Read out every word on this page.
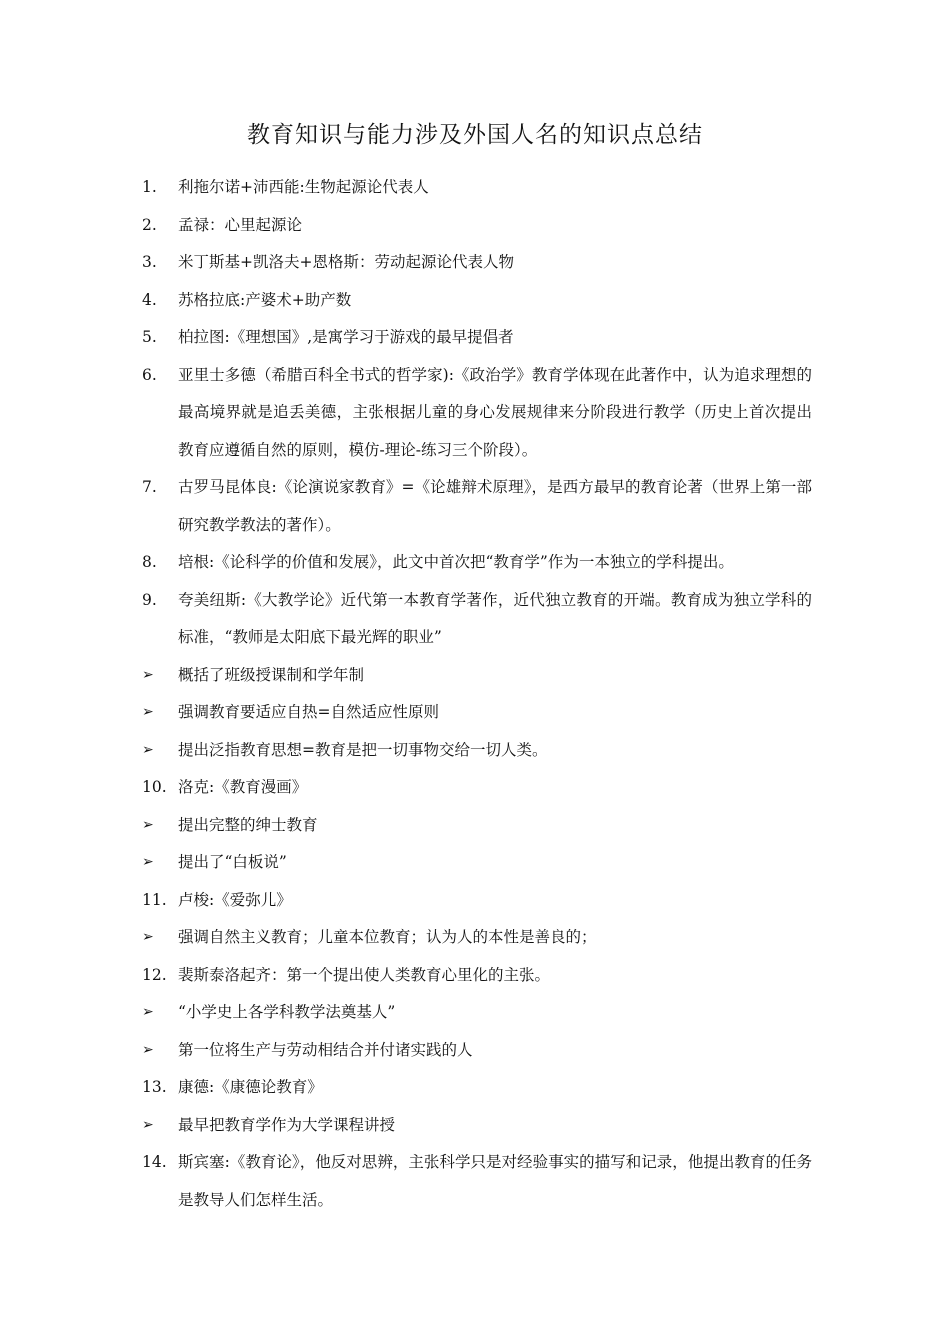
教育知识与能力涉及外国人名的知识点总结
1.	利拖尔诺+沛西能:生物起源论代表人
2.	孟禄：心里起源论
3.	米丁斯基+凯洛夫+恩格斯：劳动起源论代表人物
4.	苏格拉底:产婆术+助产数
5.	柏拉图:《理想国》,是寓学习于游戏的最早提倡者
6.	亚里士多德（希腊百科全书式的哲学家):《政治学》教育学体现在此著作中，认为追求理想的最高境界就是追丢美德，主张根据儿童的身心发展规律来分阶段进行教学（历史上首次提出教育应遵循自然的原则，模仿-理论-练习三个阶段）。
7.	古罗马昆体良:《论演说家教育》=《论雄辩术原理》，是西方最早的教育论著（世界上第一部研究教学教法的著作）。
8.	培根:《论科学的价值和发展》，此文中首次把“教育学”作为一本独立的学科提出。
9.	夸美纽斯:《大教学论》近代第一本教育学著作，近代独立教育的开端。教育成为独立学科的标准，“教师是太阳底下最光辉的职业”
➢	概括了班级授课制和学年制
➢	强调教育要适应自热=自然适应性原则
➢	提出泛指教育思想=教育是把一切事物交给一切人类。
10. 洛克:《教育漫画》
➢	提出完整的绅士教育
➢	提出了“白板说”
11. 卢梭:《爱弥儿》
➢	强调自然主义教育；儿童本位教育；认为人的本性是善良的；
12. 裴斯泰洛起齐：第一个提出使人类教育心里化的主张。
➢	“小学史上各学科教学法奠基人”
➢	第一位将生产与劳动相结合并付诸实践的人
13. 康德:《康德论教育》
➢	最早把教育学作为大学课程讲授
14. 斯宾塞:《教育论》，他反对思辨，主张科学只是对经验事实的描写和记录，他提出教育的任务是教导人们怎样生活。
